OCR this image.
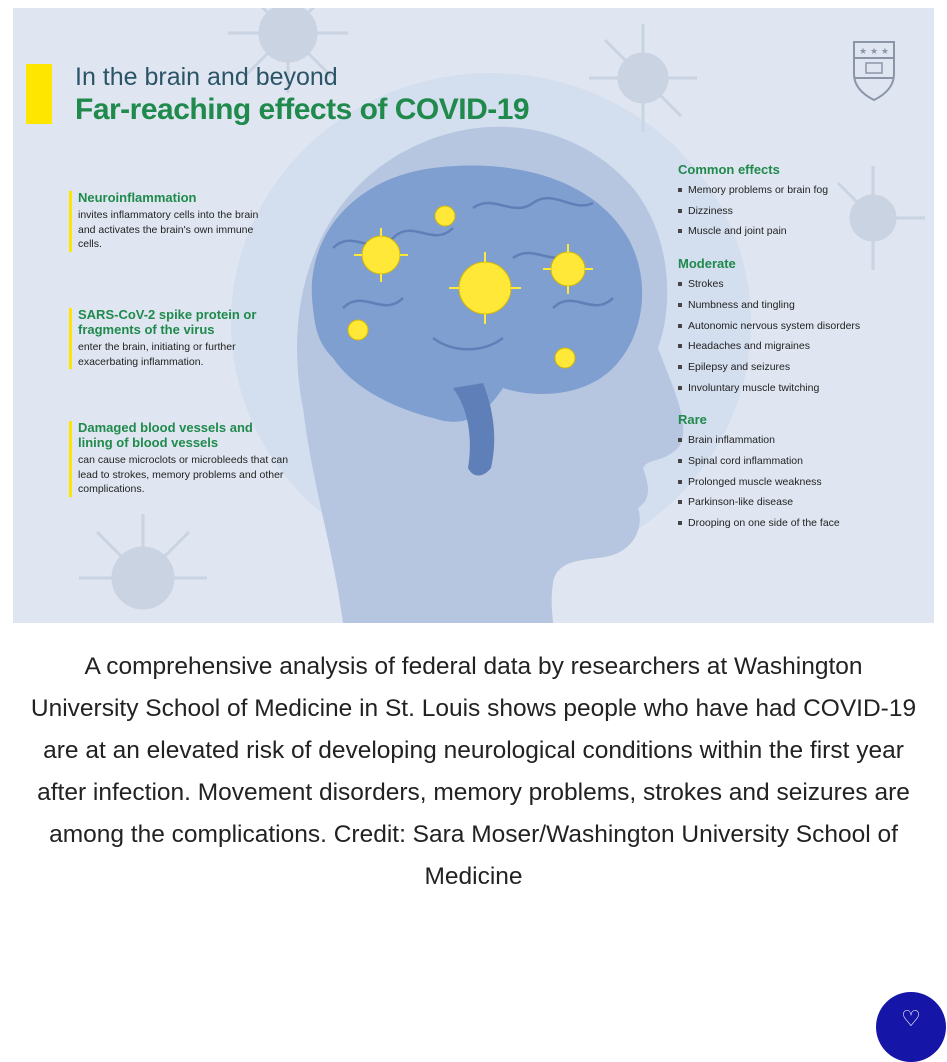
In the brain and beyond
Far-reaching effects of COVID-19
★ ★ ★
Neuroinflammation

invites inflammatory cells into the brain and activates the brain's own immune cells.

SARS-CoV-2 spike protein or fragments of the virus

enter the brain, initiating or further exacerbating inflammation.

Damaged blood vessels and lining of blood vessels

can cause microclots or microbleeds that can lead to strokes, memory problems and other complications.

Common effects
Memory problems or brain fog
Dizziness
Muscle and joint pain
Moderate
Strokes
Numbness and tingling
Autonomic nervous system disorders
Headaches and migraines
Epilepsy and seizures
Involuntary muscle twitching
Rare
Brain inflammation
Spinal cord inflammation
Prolonged muscle weakness
Parkinson-like disease
Drooping on one side of the face
A comprehensive analysis of federal data by researchers at Washington University School of Medicine in St. Louis shows people who have had COVID-19 are at an elevated risk of developing neurological conditions within the first year after infection. Movement disorders, memory problems, strokes and seizures are among the complications. Credit: Sara Moser/Washington University School of Medicine
♡
